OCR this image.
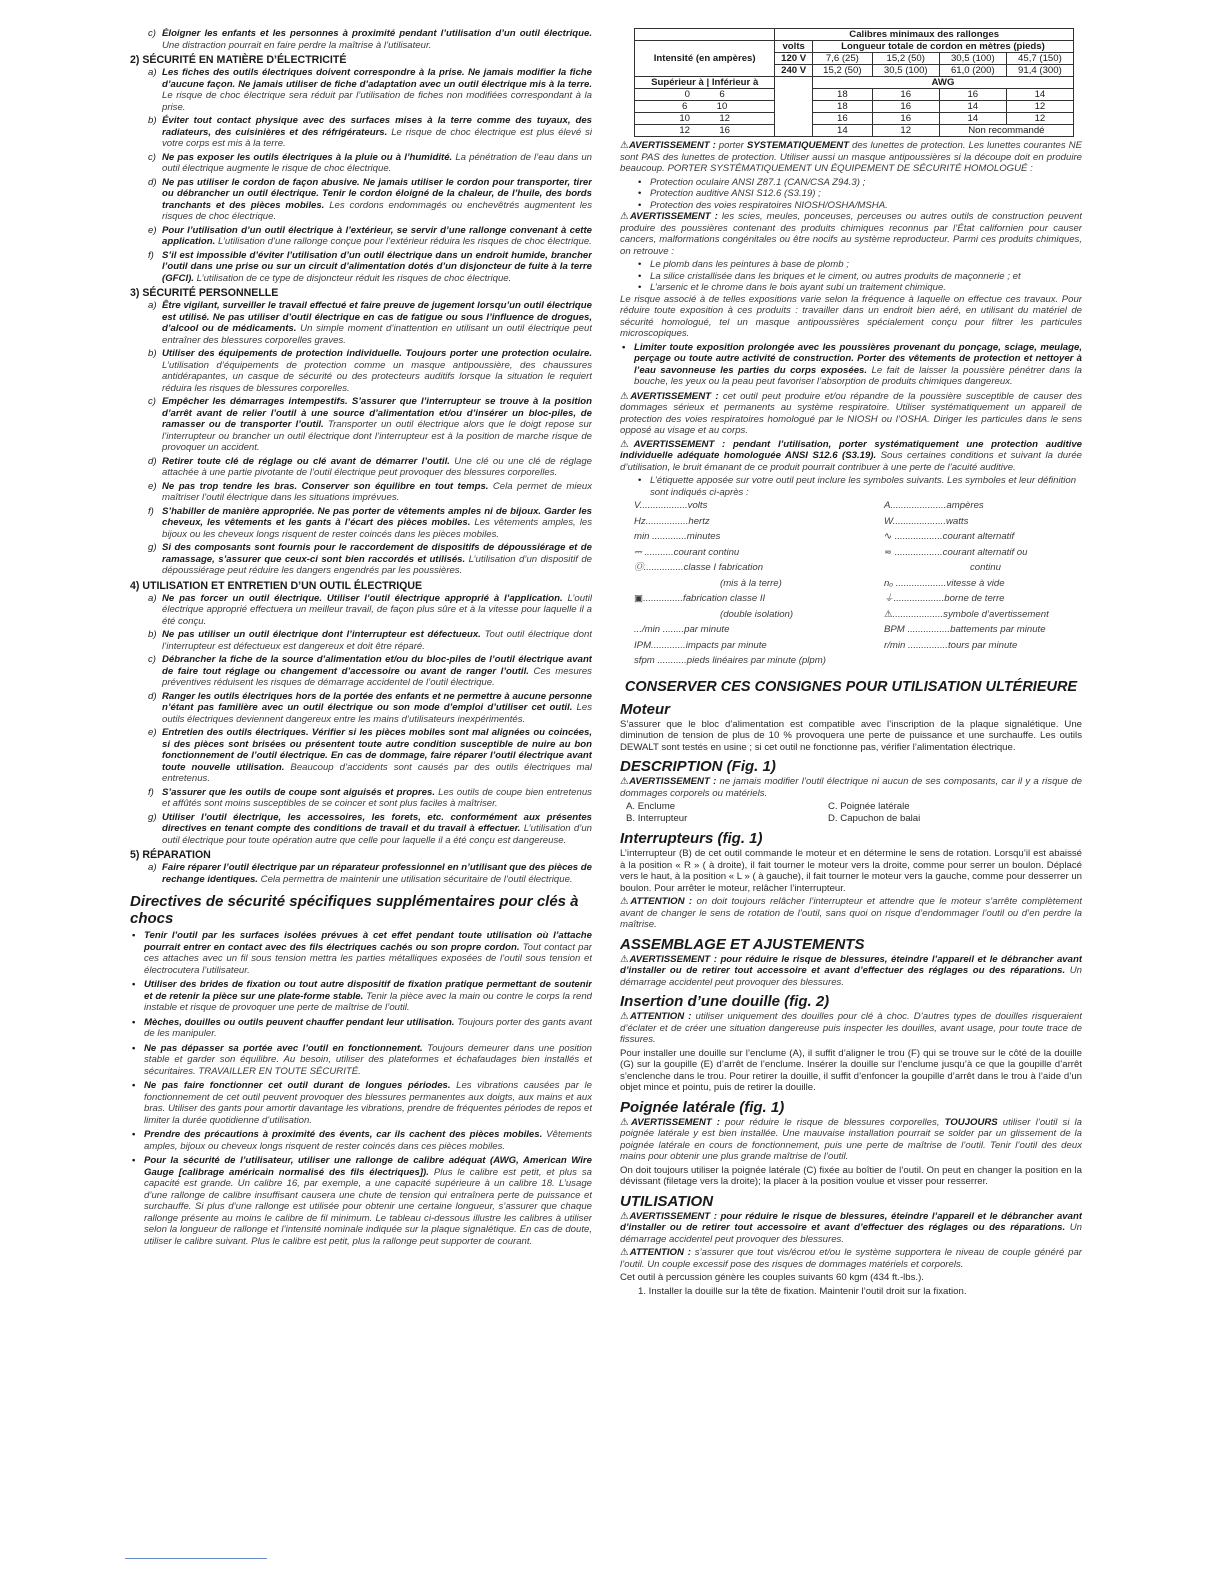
c) Éloigner les enfants et les personnes à proximité pendant l’utilisation d’un outil électrique. Une distraction pourrait en faire perdre la maîtrise à l’utilisateur.

2) SÉCURITÉ EN MATIÈRE D’ÉLECTRICITÉ

a) Les fiches des outils électriques doivent correspondre à la prise. Ne jamais modifier la fiche d’aucune façon. Ne jamais utiliser de fiche d’adaptation avec un outil électrique mis à la terre. Le risque de choc électrique sera réduit par l’utilisation de fiches non modifiées correspondant à la prise.
b) Éviter tout contact physique avec des surfaces mises à la terre comme des tuyaux, des radiateurs, des cuisinières et des réfrigérateurs. Le risque de choc électrique est plus élevé si votre corps est mis à la terre.
c) Ne pas exposer les outils électriques à la pluie ou à l’humidité. La pénétration de l’eau dans un outil électrique augmente le risque de choc électrique.
d) Ne pas utiliser le cordon de façon abusive. Ne jamais utiliser le cordon pour transporter, tirer ou débrancher un outil électrique. Tenir le cordon éloigné de la chaleur, de l’huile, des bords tranchants et des pièces mobiles. Les cordons endommagés ou enchevêtrés augmentent les risques de choc électrique.
e) Pour l’utilisation d’un outil électrique à l’extérieur, se servir d’une rallonge convenant à cette application. L’utilisation d’une rallonge conçue pour l’extérieur réduira les risques de choc électrique.
f) S’il est impossible d’éviter l’utilisation d’un outil électrique dans un endroit humide, brancher l’outil dans une prise ou sur un circuit d’alimentation dotés d’un disjoncteur de fuite à la terre (GFCI). L’utilisation de ce type de disjoncteur réduit les risques de choc électrique.

3) SÉCURITÉ PERSONNELLE

a) Être vigilant, surveiller le travail effectué et faire preuve de jugement lorsqu’un outil électrique est utilisé. Ne pas utiliser d’outil électrique en cas de fatigue ou sous l’influence de drogues, d’alcool ou de médicaments. Un simple moment d’inattention en utilisant un outil électrique peut entraîner des blessures corporelles graves.
b) Utiliser des équipements de protection individuelle. Toujours porter une protection oculaire. L’utilisation d’équipements de protection comme un masque antipoussière, des chaussures antidérapantes, un casque de sécurité ou des protecteurs auditifs lorsque la situation le requiert réduira les risques de blessures corporelles.
c) Empêcher les démarrages intempestifs. S’assurer que l’interrupteur se trouve à la position d’arrêt avant de relier l’outil à une source d’alimentation et/ou d’insérer un bloc-piles, de ramasser ou de transporter l’outil. Transporter un outil électrique alors que le doigt repose sur l’interrupteur ou brancher un outil électrique dont l’interrupteur est à la position de marche risque de provoquer un accident.
d) Retirer toute clé de réglage ou clé avant de démarrer l’outil. Une clé ou une clé de réglage attachée à une partie pivotante de l’outil électrique peut provoquer des blessures corporelles.
e) Ne pas trop tendre les bras. Conserver son équilibre en tout temps. Cela permet de mieux maîtriser l’outil électrique dans les situations imprévues.
f) S’habiller de manière appropriée. Ne pas porter de vêtements amples ni de bijoux. Garder les cheveux, les vêtements et les gants à l’écart des pièces mobiles. Les vêtements amples, les bijoux ou les cheveux longs risquent de rester coincés dans les pièces mobiles.
g) Si des composants sont fournis pour le raccordement de dispositifs de dépoussiérage et de ramassage, s’assurer que ceux-ci sont bien raccordés et utilisés. L’utilisation d’un dispositif de dépoussiérage peut réduire les dangers engendrés par les poussières.

4) UTILISATION ET ENTRETIEN D’UN OUTIL ÉLECTRIQUE

a) Ne pas forcer un outil électrique. Utiliser l’outil électrique approprié à l’application. L’outil électrique approprié effectuera un meilleur travail, de façon plus sûre et à la vitesse pour laquelle il a été conçu.
b) Ne pas utiliser un outil électrique dont l’interrupteur est défectueux. Tout outil électrique dont l’interrupteur est défectueux est dangereux et doit être réparé.
c) Débrancher la fiche de la source d’alimentation et/ou du bloc-piles de l’outil électrique avant de faire tout réglage ou changement d’accessoire ou avant de ranger l’outil. Ces mesures préventives réduisent les risques de démarrage accidentel de l’outil électrique.
d) Ranger les outils électriques hors de la portée des enfants et ne permettre à aucune personne n’étant pas familière avec un outil électrique ou son mode d’emploi d’utiliser cet outil. Les outils électriques deviennent dangereux entre les mains d’utilisateurs inexpérimentés.
e) Entretien des outils électriques. Vérifier si les pièces mobiles sont mal alignées ou coincées, si des pièces sont brisées ou présentent toute autre condition susceptible de nuire au bon fonctionnement de l’outil électrique. En cas de dommage, faire réparer l’outil électrique avant toute nouvelle utilisation. Beaucoup d’accidents sont causés par des outils électriques mal entretenus.
f) S’assurer que les outils de coupe sont aiguisés et propres. Les outils de coupe bien entretenus et affûtés sont moins susceptibles de se coincer et sont plus faciles à maîtriser.
g) Utiliser l’outil électrique, les accessoires, les forets, etc. conformément aux présentes directives en tenant compte des conditions de travail et du travail à effectuer. L’utilisation d’un outil électrique pour toute opération autre que celle pour laquelle il a été conçu est dangereuse.

5) RÉPARATION

a) Faire réparer l’outil électrique par un réparateur professionnel en n’utilisant que des pièces de rechange identiques. Cela permettra de maintenir une utilisation sécuritaire de l’outil électrique.

Directives de sécurité spécifiques supplémentaires pour clés à chocs

• Tenir l’outil par les surfaces isolées prévues à cet effet pendant toute utilisation où l’attache pourrait entrer en contact avec des fils électriques cachés ou son propre cordon. Tout contact par ces attaches avec un fil sous tension mettra les parties métalliques exposées de l’outil sous tension et électrocutera l’utilisateur.
• Utiliser des brides de fixation ou tout autre dispositif de fixation pratique permettant de soutenir et de retenir la pièce sur une plate-forme stable. Tenir la pièce avec la main ou contre le corps la rend instable et risque de provoquer une perte de maîtrise de l’outil.
• Mèches, douilles ou outils peuvent chauffer pendant leur utilisation. Toujours porter des gants avant de les manipuler.
• Ne pas dépasser sa portée avec l’outil en fonctionnement. Toujours demeurer dans une position stable et garder son équilibre. Au besoin, utiliser des plateformes et échafaudages bien installés et sécuritaires. TRAVAILLER EN TOUTE SÉCURITÉ.
• Ne pas faire fonctionner cet outil durant de longues périodes. Les vibrations causées par le fonctionnement de cet outil peuvent provoquer des blessures permanentes aux doigts, aux mains et aux bras. Utiliser des gants pour amortir davantage les vibrations, prendre de fréquentes périodes de repos et limiter la durée quotidienne d’utilisation.
• Prendre des précautions à proximité des évents, car ils cachent des pièces mobiles. Vêtements amples, bijoux ou cheveux longs risquent de rester coincés dans ces pièces mobiles.
• Pour la sécurité de l’utilisateur, utiliser une rallonge de calibre adéquat (AWG, American Wire Gauge [calibrage américain normalisé des fils électriques]). Plus le calibre est petit, et plus sa capacité est grande. Un calibre 16, par exemple, a une capacité supérieure à un calibre 18. L’usage d’une rallonge de calibre insuffisant causera une chute de tension qui entraînera perte de puissance et surchauffe. Si plus d’une rallonge est utilisée pour obtenir une certaine longueur, s’assurer que chaque rallonge présente au moins le calibre de fil minimum. Le tableau ci-dessous illustre les calibres à utiliser selon la longueur de rallonge et l’intensité nominale indiquée sur la plaque signalétique. En cas de doute, utiliser le calibre suivant. Plus le calibre est petit, plus la rallonge peut supporter de courant.
	Calibres minimaux des rallonges				
Intensité (en ampères)	volts	Longueur totale de cordon en mètres (pieds)			
	120 V	7,6 (25)	15,2 (50)	30,5 (100)	45,7 (150)
	240 V	15,2 (50)	30,5 (100)	61,0 (200)	91,4 (300)
Supérieur à | Inférieur à		AWG			
0 6		18	16	16	14
6 10		18	16	14	12
10 12		16	16	14	12
12 16		14	12	Non recommandé	
⚠AVERTISSEMENT : porter SYSTEMATIQUEMENT des lunettes de protection. Les lunettes courantes NE sont PAS des lunettes de protection. Utiliser aussi un masque antipoussières si la découpe doit en produire beaucoup. PORTER SYSTÉMATIQUEMENT UN ÉQUIPEMENT DE SÉCURITÉ HOMOLOGUÉ :
• Protection oculaire ANSI Z87.1 (CAN/CSA Z94.3) ;
• Protection auditive ANSI S12.6 (S3.19) ;
• Protection des voies respiratoires NIOSH/OSHA/MSHA.
⚠AVERTISSEMENT : les scies, meules, ponceuses, perceuses ou autres outils de construction peuvent produire des poussières contenant des produits chimiques reconnus par l’État californien pour causer cancers, malformations congénitales ou être nocifs au système reproducteur. Parmi ces produits chimiques, on retrouve :
• Le plomb dans les peintures à base de plomb ;
• La silice cristallisée dans les briques et le ciment, ou autres produits de maçonnerie ; et
• L’arsenic et le chrome dans le bois ayant subi un traitement chimique.

Le risque associé à de telles expositions varie selon la fréquence à laquelle on effectue ces travaux. Pour réduire toute exposition à ces produits : travailler dans un endroit bien aéré, en utilisant du matériel de sécurité homologué, tel un masque antipoussières spécialement conçu pour filtrer les particules microscopiques.

• Limiter toute exposition prolongée avec les poussières provenant du ponçage, sciage, meulage, perçage ou toute autre activité de construction. Porter des vêtements de protection et nettoyer à l’eau savonneuse les parties du corps exposées. Le fait de laisser la poussière pénétrer dans la bouche, les yeux ou la peau peut favoriser l’absorption de produits chimiques dangereux.
⚠AVERTISSEMENT : cet outil peut produire et/ou répandre de la poussière susceptible de causer des dommages sérieux et permanents au système respiratoire. Utiliser systématiquement un appareil de protection des voies respiratoires homologué par le NIOSH ou l’OSHA. Diriger les particules dans le sens opposé au visage et au corps.
⚠AVERTISSEMENT : pendant l’utilisation, porter systématiquement une protection auditive individuelle adéquate homologuée ANSI S12.6 (S3.19). Sous certaines conditions et suivant la durée d’utilisation, le bruit émanant de ce produit pourrait contribuer à une perte de l’acuité auditive.
• L’étiquette apposée sur votre outil peut inclure les symboles suivants. Les symboles et leur définition sont indiqués ci-après :
V..................volts	A.....................ampères
Hz................hertz	W....................watts
min .............minutes	∿ ..................courant alternatif
⎓ ...........courant continu	≂ ..................courant alternatif ou
Ⓞ...............classe I fabrication	continu
(mis à la terre)	nₒ ...................vitesse à vide
▣...............fabrication classe II	⏚...................borne de terre
(double isolation)	⚠...................symbole d’avertissement
.../min ........par minute	BPM ................battements par minute
IPM.............impacts par minute	r/min ...............tours par minute
sfpm ...........pieds linéaires par minute (plpm)

CONSERVER CES CONSIGNES POUR UTILISATION ULTÉRIEURE

Moteur

S’assurer que le bloc d’alimentation est compatible avec l’inscription de la plaque signalétique. Une diminution de tension de plus de 10 % provoquera une perte de puissance et une surchauffe. Les outils DEWALT sont testés en usine ; si cet outil ne fonctionne pas, vérifier l’alimentation électrique.

DESCRIPTION (Fig. 1)

⚠AVERTISSEMENT : ne jamais modifier l’outil électrique ni aucun de ses composants, car il y a risque de dommages corporels ou matériels.
A. Enclume	C. Poignée latérale
B. Interrupteur	D. Capuchon de balai

Interrupteurs (fig. 1)

L’interrupteur (B) de cet outil commande le moteur et en détermine le sens de rotation. Lorsqu’il est abaissé à la position « R » ( à droite), il fait tourner le moteur vers la droite, comme pour serrer un boulon. Déplacé vers le haut, à la position « L » ( à gauche), il fait tourner le moteur vers la gauche, comme pour desserrer un boulon. Pour arrêter le moteur, relâcher l’interrupteur.

⚠ATTENTION : on doit toujours relâcher l’interrupteur et attendre que le moteur s’arrête complètement avant de changer le sens de rotation de l’outil, sans quoi on risque d’endommager l’outil ou d’en perdre la maîtrise.

ASSEMBLAGE ET AJUSTEMENTS

⚠AVERTISSEMENT : pour réduire le risque de blessures, éteindre l’appareil et le débrancher avant d’installer ou de retirer tout accessoire et avant d’effectuer des réglages ou des réparations. Un démarrage accidentel peut provoquer des blessures.

Insertion d’une douille (fig. 2)

⚠ATTENTION : utiliser uniquement des douilles pour clé à choc. D’autres types de douilles risqueraient d’éclater et de créer une situation dangereuse puis inspecter les douilles, avant usage, pour toute trace de fissures.

Pour installer une douille sur l’enclume (A), il suffit d’aligner le trou (F) qui se trouve sur le côté de la douille (G) sur la goupille (E) d’arrêt de l’enclume. Insérer la douille sur l’enclume jusqu’à ce que la goupille d’arrêt s’enclenche dans le trou. Pour retirer la douille, il suffit d’enfoncer la goupille d’arrêt dans le trou à l’aide d’un objet mince et pointu, puis de retirer la douille.

Poignée latérale (fig. 1)

⚠AVERTISSEMENT : pour réduire le risque de blessures corporelles, TOUJOURS utiliser l’outil si la poignée latérale y est bien installée. Une mauvaise installation pourrait se solder par un glissement de la poignée latérale en cours de fonctionnement, puis une perte de maîtrise de l’outil. Tenir l’outil des deux mains pour obtenir une plus grande maîtrise de l’outil.

On doit toujours utiliser la poignée latérale (C) fixée au boîtier de l’outil. On peut en changer la position en la dévissant (filetage vers la droite); la placer à la position voulue et visser pour resserrer.

UTILISATION

⚠AVERTISSEMENT : pour réduire le risque de blessures, éteindre l’appareil et le débrancher avant d’installer ou de retirer tout accessoire et avant d’effectuer des réglages ou des réparations. Un démarrage accidentel peut provoquer des blessures.
⚠ATTENTION : s’assurer que tout vis/écrou et/ou le système supportera le niveau de couple généré par l’outil. Un couple excessif pose des risques de dommages matériels et corporels.

Cet outil à percussion génère les couples suivants 60 kgm (434 ft.-lbs.).

1. Installer la douille sur la tête de fixation. Maintenir l’outil droit sur la fixation.
